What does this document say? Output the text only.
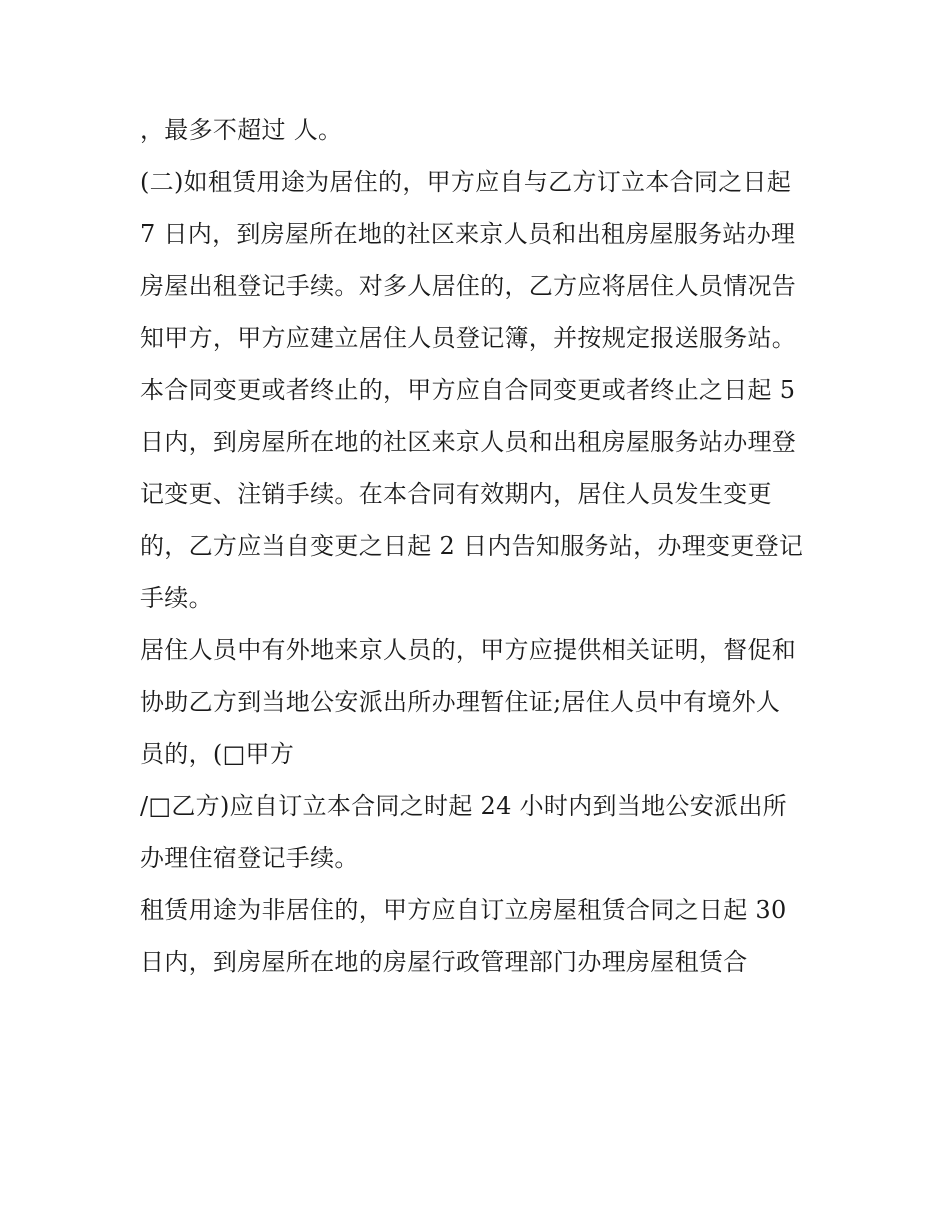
，最多不超过 人。
(二)如租赁用途为居住的，甲方应自与乙方订立本合同之日起
7 日内，到房屋所在地的社区来京人员和出租房屋服务站办理
房屋出租登记手续。对多人居住的，乙方应将居住人员情况告
知甲方，甲方应建立居住人员登记簿，并按规定报送服务站。
本合同变更或者终止的，甲方应自合同变更或者终止之日起 5
日内，到房屋所在地的社区来京人员和出租房屋服务站办理登
记变更、注销手续。在本合同有效期内，居住人员发生变更
的，乙方应当自变更之日起 2 日内告知服务站，办理变更登记
手续。
居住人员中有外地来京人员的，甲方应提供相关证明，督促和
协助乙方到当地公安派出所办理暂住证;居住人员中有境外人
员的，(□甲方
/□乙方)应自订立本合同之时起 24 小时内到当地公安派出所
办理住宿登记手续。
租赁用途为非居住的，甲方应自订立房屋租赁合同之日起 30
日内，到房屋所在地的房屋行政管理部门办理房屋租赁合
